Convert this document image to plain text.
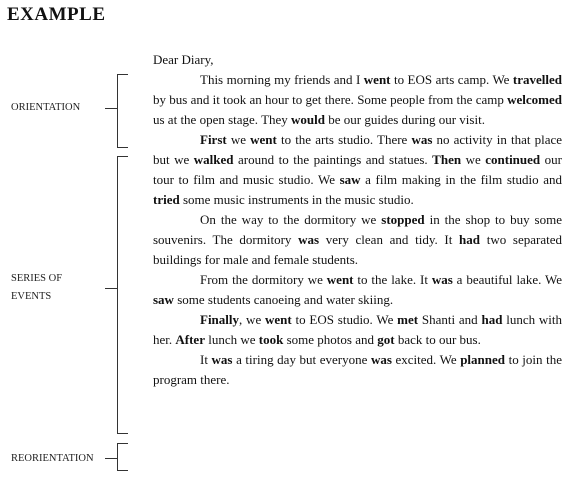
EXAMPLE
ORIENTATION
SERIES OF
EVENTS
REORIENTATION

Dear Diary,

This morning my friends and I went to EOS arts camp. We travelled by bus and it took an hour to get there. Some people from the camp welcomed us at the open stage. They would be our guides during our visit.

First we went to the arts studio. There was no activity in that place but we walked around to the paintings and statues. Then we continued our tour to film and music studio. We saw a film making in the film studio and tried some music instruments in the music studio.

On the way to the dormitory we stopped in the shop to buy some souvenirs. The dormitory was very clean and tidy. It had two separated buildings for male and female students.

From the dormitory we went to the lake. It was a beautiful lake. We saw some students canoeing and water skiing.

Finally, we went to EOS studio. We met Shanti and had lunch with her. After lunch we took some photos and got back to our bus.

It was a tiring day but everyone was excited. We planned to join the program there.
